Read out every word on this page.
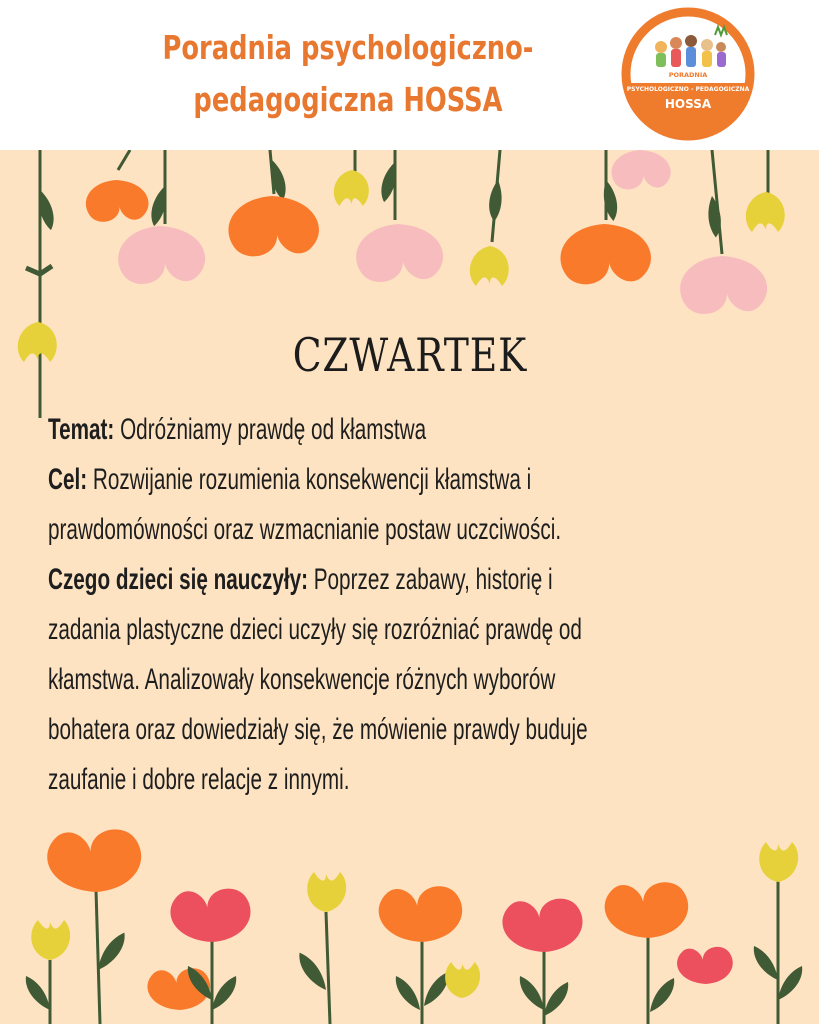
Poradnia psychologiczno-
pedagogiczna HOSSA
PORADNIA
PSYCHOLOGICZNO - PEDAGOGICZNA
HOSSA
CZWARTEK

Temat: Odróżniamy prawdę od kłamstwa

Cel: Rozwijanie rozumienia konsekwencji kłamstwa i

prawdomówności oraz wzmacnianie postaw uczciwości.

Czego dzieci się nauczyły: Poprzez zabawy, historię i

zadania plastyczne dzieci uczyły się rozróżniać prawdę od

kłamstwa. Analizowały konsekwencje różnych wyborów

bohatera oraz dowiedziały się, że mówienie prawdy buduje

zaufanie i dobre relacje z innymi.
